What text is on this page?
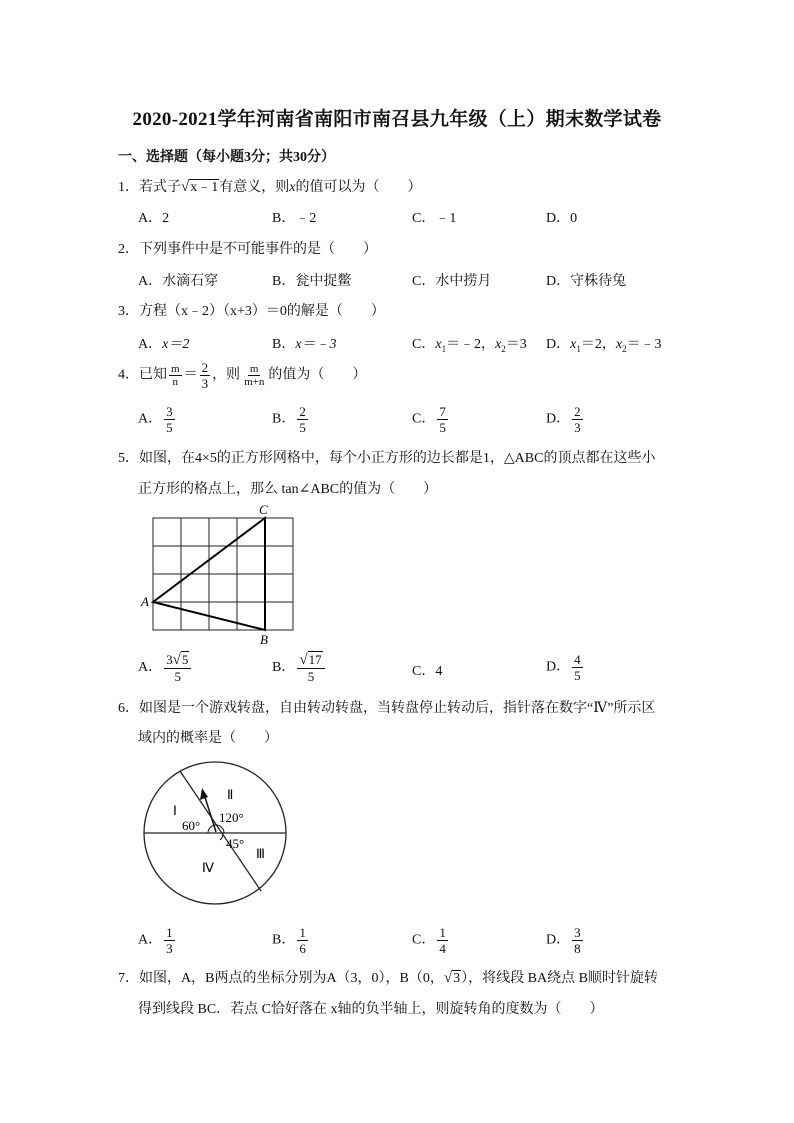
2020-2021学年河南省南阳市南召县九年级（上）期末数学试卷
一、选择题（每小题3分；共30分）
1．若式子√x﹣1有意义，则x的值可以为（　　）
A．2	B．﹣2	C．﹣1	D．0
2．下列事件中是不可能事件的是（　　）
A．水滴石穿	B．瓮中捉鳖	C．水中捞月	D．守株待兔
3．方程（x﹣2）（x+3）＝0的解是（　　）
A．x＝2	B．x＝﹣3	C．$x_1=﹣2$，$x_2=3$ D．$x_1=2$，$x_2=﹣3$
4．已知 $\frac{m}{n} = \frac{2}{3}$ ，则 $\frac{m}{m+n}$ 的值为（　　）
A． $\frac{3}{5}$	B． $\frac{2}{5}$	C． $\frac{7}{5}$	D． $\frac{2}{3}$
5．如图，在4×5的正方形网格中，每个小正方形的边长都是1，△ABC的顶点都在这些小
正方形的格点上，那么 tan∠ABC的值为（　　）
C
A
B
A． $\frac{3√5}{5}$	B． $\frac{√17}{5}$	C．4	D． $\frac{4}{5}$
6．如图是一个游戏转盘，自由转动转盘，当转盘停止转动后，指针落在数字“Ⅳ”所示区
域内的概率是（　　）
Ⅰ
Ⅱ
Ⅲ
Ⅳ
60°
120°
45°
A． $\frac{1}{3}$	B． $\frac{1}{6}$	C． $\frac{1}{4}$	D． $\frac{3}{8}$
7．如图，A，B两点的坐标分别为A（3，0），B（0，√3），将线段 BA绕点 B顺时针旋转
得到线段 BC．若点 C恰好落在 x轴的负半轴上，则旋转角的度数为（　　）
